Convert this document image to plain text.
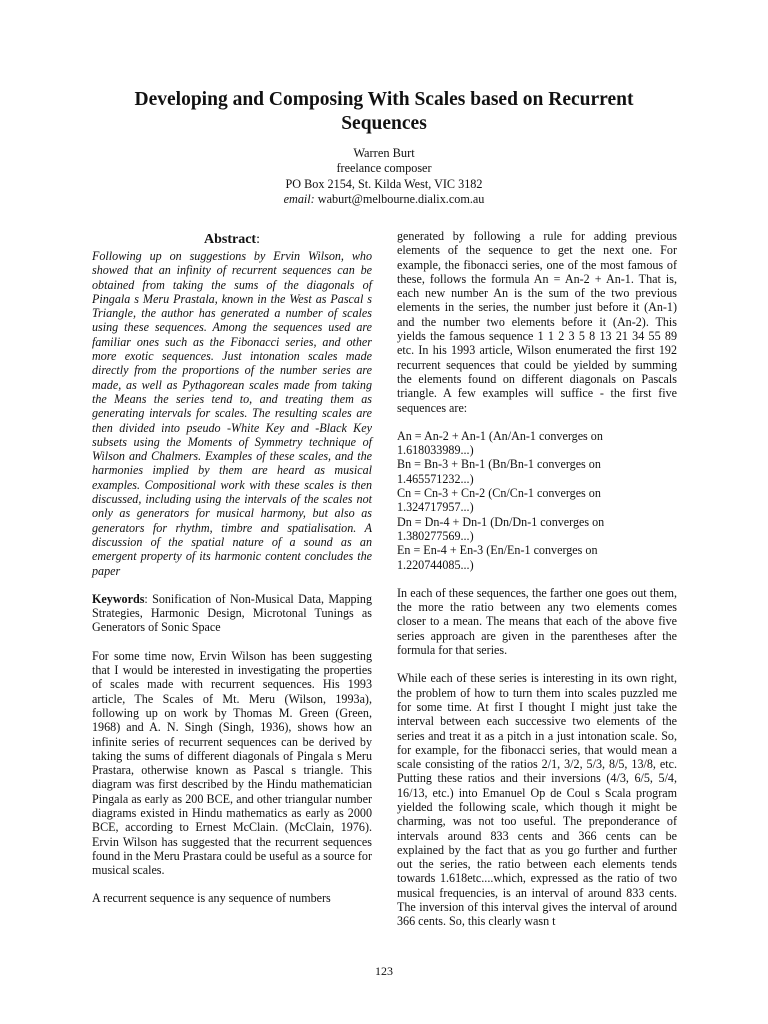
Developing and Composing With Scales based on Recurrent Sequences
Warren Burt
freelance composer
PO Box 2154, St. Kilda West, VIC 3182
email: waburt@melbourne.dialix.com.au
Abstract:

Following up on suggestions by Ervin Wilson, who showed that an infinity of recurrent sequences can be obtained from taking the sums of the diagonals of Pingala s Meru Prastala, known in the West as Pascal s Triangle, the author has generated a number of scales using these sequences. Among the sequences used are familiar ones such as the Fibonacci series, and other more exotic sequences. Just intonation scales made directly from the proportions of the number series are made, as well as Pythagorean scales made from taking the Means the series tend to, and treating them as generating intervals for scales. The resulting scales are then divided into pseudo -White Key and -Black Key subsets using the Moments of Symmetry technique of Wilson and Chalmers. Examples of these scales, and the harmonies implied by them are heard as musical examples. Compositional work with these scales is then discussed, including using the intervals of the scales not only as generators for musical harmony, but also as generators for rhythm, timbre and spatialisation. A discussion of the spatial nature of a sound as an emergent property of its harmonic content concludes the paper

Keywords: Sonification of Non-Musical Data, Mapping Strategies, Harmonic Design, Microtonal Tunings as Generators of Sonic Space

For some time now, Ervin Wilson has been suggesting that I would be interested in investigating the properties of scales made with recurrent sequences. His 1993 article, The Scales of Mt. Meru (Wilson, 1993a), following up on work by Thomas M. Green (Green, 1968) and A. N. Singh (Singh, 1936), shows how an infinite series of recurrent sequences can be derived by taking the sums of different diagonals of Pingala s Meru Prastara, otherwise known as Pascal s triangle. This diagram was first described by the Hindu mathematician Pingala as early as 200 BCE, and other triangular number diagrams existed in Hindu mathematics as early as 2000 BCE, according to Ernest McClain. (McClain, 1976). Ervin Wilson has suggested that the recurrent sequences found in the Meru Prastara could be useful as a source for musical scales.

A recurrent sequence is any sequence of numbers

generated by following a rule for adding previous elements of the sequence to get the next one. For example, the fibonacci series, one of the most famous of these, follows the formula An = An-2 + An-1. That is, each new number An is the sum of the two previous elements in the series, the number just before it (An-1) and the number two elements before it (An-2). This yields the famous sequence 1 1 2 3 5 8 13 21 34 55 89 etc. In his 1993 article, Wilson enumerated the first 192 recurrent sequences that could be yielded by summing the elements found on different diagonals on Pascals triangle. A few examples will suffice - the first five sequences are:

An = An-2 + An-1 (An/An-1 converges on
1.618033989...)
Bn = Bn-3 + Bn-1 (Bn/Bn-1 converges on
1.465571232...)
Cn = Cn-3 + Cn-2 (Cn/Cn-1 converges on
1.324717957...)
Dn = Dn-4 + Dn-1 (Dn/Dn-1 converges on
1.380277569...)
En = En-4 + En-3 (En/En-1 converges on
1.220744085...)

In each of these sequences, the farther one goes out them, the more the ratio between any two elements comes closer to a mean. The means that each of the above five series approach are given in the parentheses after the formula for that series.

While each of these series is interesting in its own right, the problem of how to turn them into scales puzzled me for some time. At first I thought I might just take the interval between each successive two elements of the series and treat it as a pitch in a just intonation scale. So, for example, for the fibonacci series, that would mean a scale consisting of the ratios 2/1, 3/2, 5/3, 8/5, 13/8, etc. Putting these ratios and their inversions (4/3, 6/5, 5/4, 16/13, etc.) into Emanuel Op de Coul s Scala program yielded the following scale, which though it might be charming, was not too useful. The preponderance of intervals around 833 cents and 366 cents can be explained by the fact that as you go further and further out the series, the ratio between each elements tends towards 1.618etc....which, expressed as the ratio of two musical frequencies, is an interval of around 833 cents. The inversion of this interval gives the interval of around 366 cents. So, this clearly wasn t

123
